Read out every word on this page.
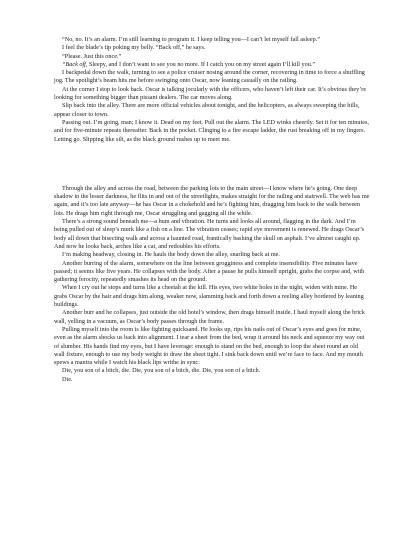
“No, no. It’s an alarm. I’m still learning to program it. I keep telling you—I can’t let myself fall asleep.”

I feel the blade’s tip poking my belly. “Back off,” he says.

“Please. Just this once.”

“Back off, Sleepy, and I don’t want to see you no more. If I catch you on my street again I’ll kill you.”

I backpedal down the walk, turning to see a police cruiser nosing around the corner, recovering in time to force a shuffling jog. The spotlight’s beam hits me before swinging onto Oscar, now leaning casually on the railing.

At the corner I stop to look back. Oscar is talking jocularly with the officers, who haven’t left their car. It’s obvious they’re looking for something bigger than pissant dealers. The car moves along.

Slip back into the alley. There are more official vehicles about tonight, and the helicopters, as always sweeping the hills, appear closer to town.

Passing out. I’m going, man; I know it. Dead on my feet. Pull out the alarm. The LED winks cheerily. Set it for ten minutes, and for five-minute repeats thereafter. Back in the pocket. Clinging to a fire escape ladder, the rust breaking off in my fingers. Letting go. Slipping like silt, as the black ground rushes up to meet me.

Through the alley and across the road, between the parking lots to the main street—I know where he’s going. One deep shadow in the lesser darkness, he flits in and out of the streetlights, makes straight for the railing and stairwell. The web has me again, and it’s too late anyway—he has Oscar in a chokehold and he’s fighting him, dragging him back to the walk between lots. He drags him right through me, Oscar struggling and gagging all the while.

There’s a strong sound beneath me—a hum and vibration. He turns and looks all around, flagging in the dark. And I’m being pulled out of sleep’s murk like a fish on a line. The vibration ceases; rapid eye movement is renewed. He drags Oscar’s body all down that bisecting walk and across a haunted road, frantically bashing the skull on asphalt. I’ve almost caught up. And now he looks back, arches like a cat, and redoubles his efforts.

I’m making headway, closing in. He hauls the body down the alley, snarling back at me.

Another burring of the alarm, somewhere on the line between grogginess and complete insensibility. Five minutes have passed; it seems like five years. He collapses with the body. After a pause he pulls himself upright, grabs the corpse and, with gathering ferocity, repeatedly smashes its head on the ground.

When I cry out he stops and turns like a cheetah at the kill. His eyes, two white holes in the night, widen with mine. He grabs Oscar by the hair and drags him along, weaker now, slamming back and forth down a reeling alley bordered by leaning buildings.

Another burr and he collapses, just outside the old hotel’s window, then drags himself inside. I haul myself along the brick wall, yelling in a vacuum, as Oscar’s body passes through the frame.

Pulling myself into the room is like fighting quicksand. He looks up, rips his nails out of Oscar’s eyes and goes for mine, even as the alarm shocks us back into alignment. I tear a sheet from the bed, wrap it around his neck and squeeze my way out of slumber. His hands find my eyes, but I have leverage: enough to stand on the bed, enough to loop the sheet round an old wall fixture, enough to use my body weight to draw the sheet tight. I sink back down until we’re face to face. And my mouth spews a mantra while I watch his black lips writhe in sync:

Die, you son of a bitch, die. Die, you son of a bitch, die. Die, you son of a bitch.

Die.
